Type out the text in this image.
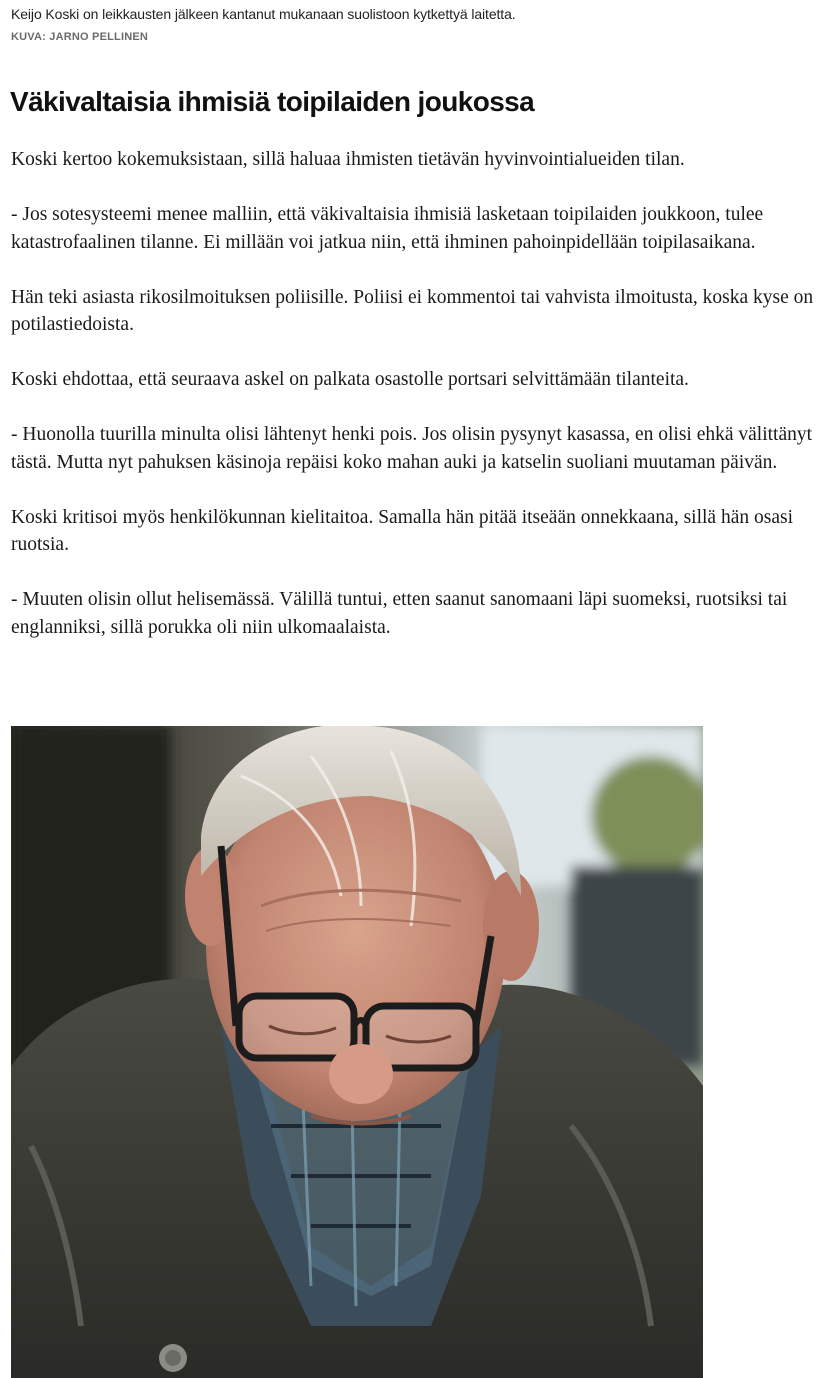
Keijo Koski on leikkausten jälkeen kantanut mukanaan suolistoon kytkettyä laitetta.
KUVA: JARNO PELLINEN
Väkivaltaisia ihmisiä toipilaiden joukossa

Koski kertoo kokemuksistaan, sillä haluaa ihmisten tietävän hyvinvointialueiden tilan.

- Jos sotesysteemi menee malliin, että väkivaltaisia ihmisiä lasketaan toipilaiden joukkoon, tulee katastrofaalinen tilanne. Ei millään voi jatkua niin, että ihminen pahoinpidellään toipilasaikana.

Hän teki asiasta rikosilmoituksen poliisille. Poliisi ei kommentoi tai vahvista ilmoitusta, koska kyse on potilastiedoista.

Koski ehdottaa, että seuraava askel on palkata osastolle portsari selvittämään tilanteita.

- Huonolla tuurilla minulta olisi lähtenyt henki pois. Jos olisin pysynyt kasassa, en olisi ehkä välittänyt tästä. Mutta nyt pahuksen käsinoja repäisi koko mahan auki ja katselin suoliani muutaman päivän.

Koski kritisoi myös henkilökunnan kielitaitoa. Samalla hän pitää itseään onnekkaana, sillä hän osasi ruotsia.

- Muuten olisin ollut helisemässä. Välillä tuntui, etten saanut sanomaani läpi suomeksi, ruotsiksi tai englanniksi, sillä porukka oli niin ulkomaalaista.
